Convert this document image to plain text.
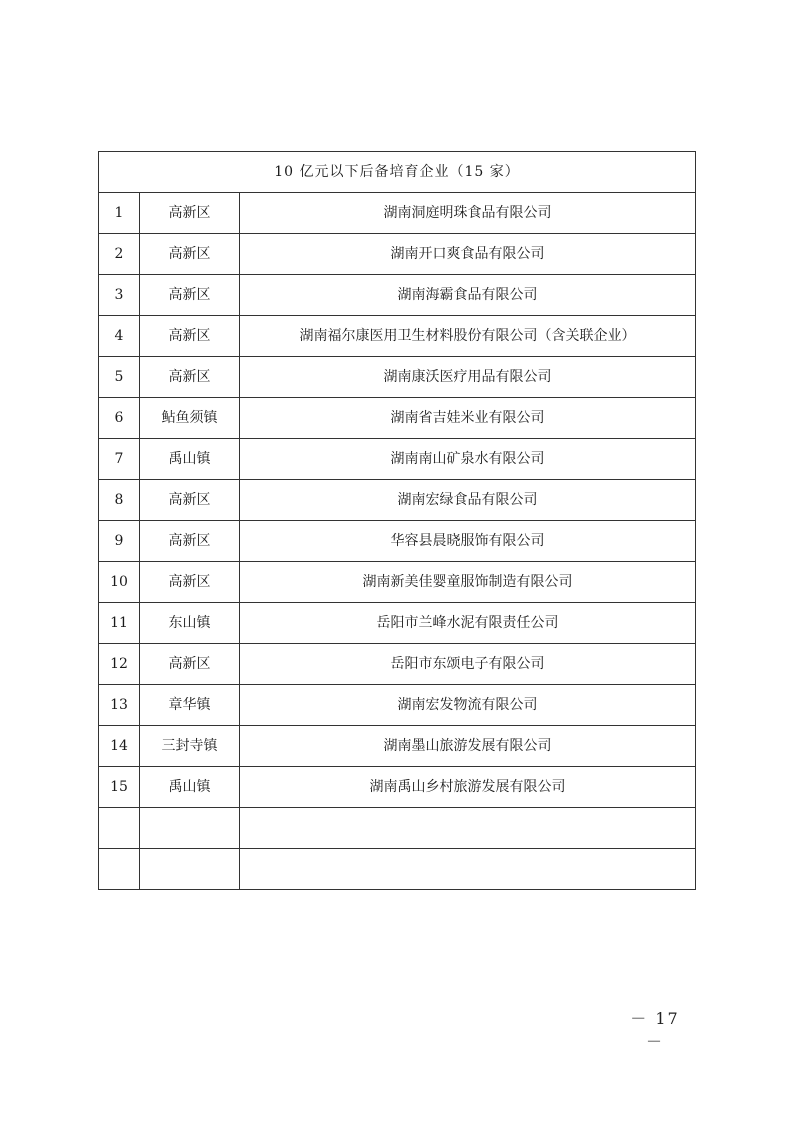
10 亿元以下后备培育企业（15 家）		
1	高新区	湖南洞庭明珠食品有限公司
2	高新区	湖南开口爽食品有限公司
3	高新区	湖南海霸食品有限公司
4	高新区	湖南福尔康医用卫生材料股份有限公司（含关联企业）
5	高新区	湖南康沃医疗用品有限公司
6	鲇鱼须镇	湖南省吉娃米业有限公司
7	禹山镇	湖南南山矿泉水有限公司
8	高新区	湖南宏绿食品有限公司
9	高新区	华容县晨晓服饰有限公司
10	高新区	湖南新美佳婴童服饰制造有限公司
11	东山镇	岳阳市兰峰水泥有限责任公司
12	高新区	岳阳市东颂电子有限公司
13	章华镇	湖南宏发物流有限公司
14	三封寺镇	湖南墨山旅游发展有限公司
15	禹山镇	湖南禹山乡村旅游发展有限公司

－ 17 －
